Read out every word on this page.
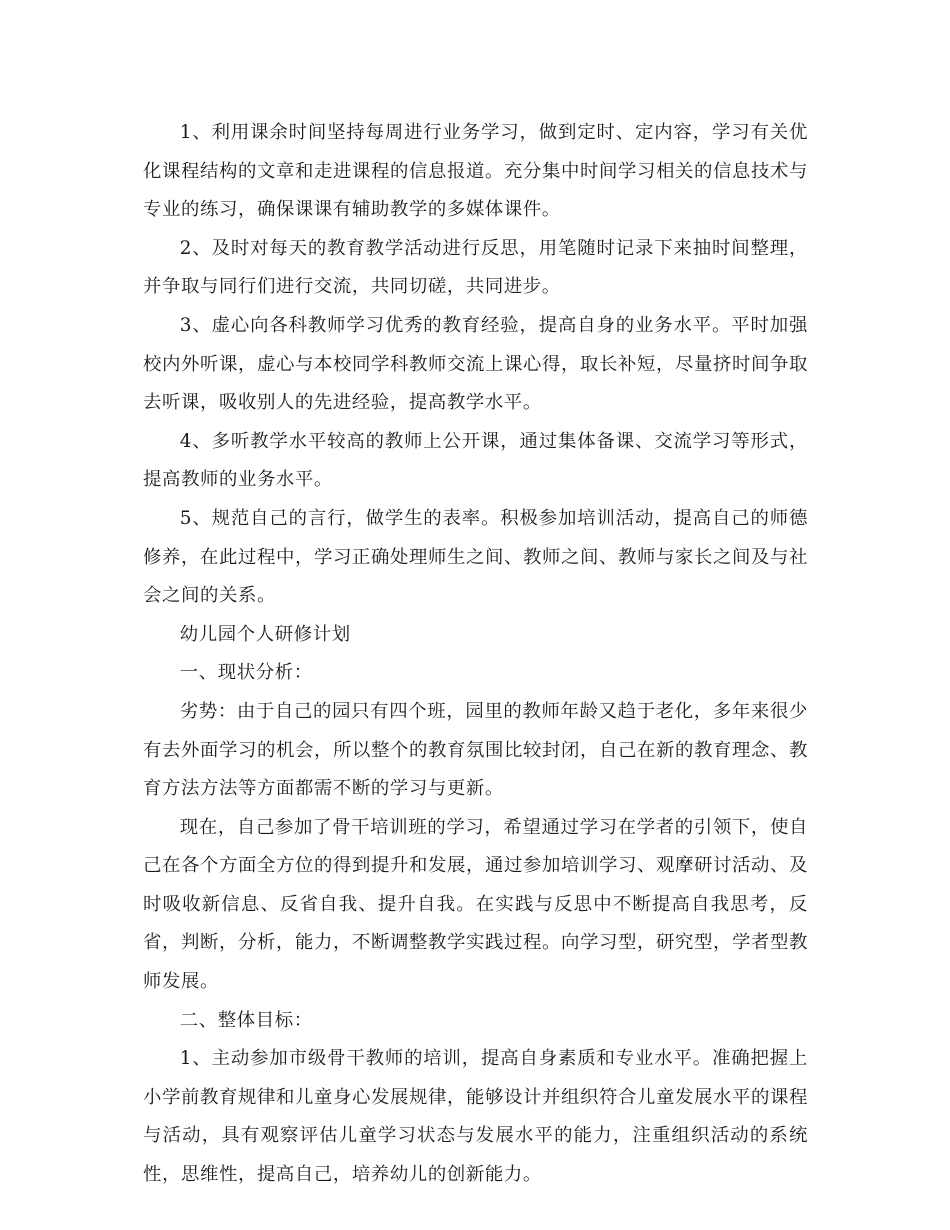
1、利用课余时间坚持每周进行业务学习，做到定时、定内容，学习有关优化课程结构的文章和走进课程的信息报道。充分集中时间学习相关的信息技术与专业的练习，确保课课有辅助教学的多媒体课件。

2、及时对每天的教育教学活动进行反思，用笔随时记录下来抽时间整理，并争取与同行们进行交流，共同切磋，共同进步。

3、虚心向各科教师学习优秀的教育经验，提高自身的业务水平。平时加强校内外听课，虚心与本校同学科教师交流上课心得，取长补短，尽量挤时间争取去听课，吸收别人的先进经验，提高教学水平。

4、多听教学水平较高的教师上公开课，通过集体备课、交流学习等形式，提高教师的业务水平。

5、规范自己的言行，做学生的表率。积极参加培训活动，提高自己的师德修养，在此过程中，学习正确处理师生之间、教师之间、教师与家长之间及与社会之间的关系。

幼儿园个人研修计划

一、现状分析：

劣势：由于自己的园只有四个班，园里的教师年龄又趋于老化，多年来很少有去外面学习的机会，所以整个的教育氛围比较封闭，自己在新的教育理念、教育方法方法等方面都需不断的学习与更新。

现在，自己参加了骨干培训班的学习，希望通过学习在学者的引领下，使自己在各个方面全方位的得到提升和发展，通过参加培训学习、观摩研讨活动、及时吸收新信息、反省自我、提升自我。在实践与反思中不断提高自我思考，反省，判断，分析，能力，不断调整教学实践过程。向学习型，研究型，学者型教师发展。

二、整体目标：

1、主动参加市级骨干教师的培训，提高自身素质和专业水平。准确把握上小学前教育规律和儿童身心发展规律，能够设计并组织符合儿童发展水平的课程与活动，具有观察评估儿童学习状态与发展水平的能力，注重组织活动的系统性，思维性，提高自己，培养幼儿的创新能力。
